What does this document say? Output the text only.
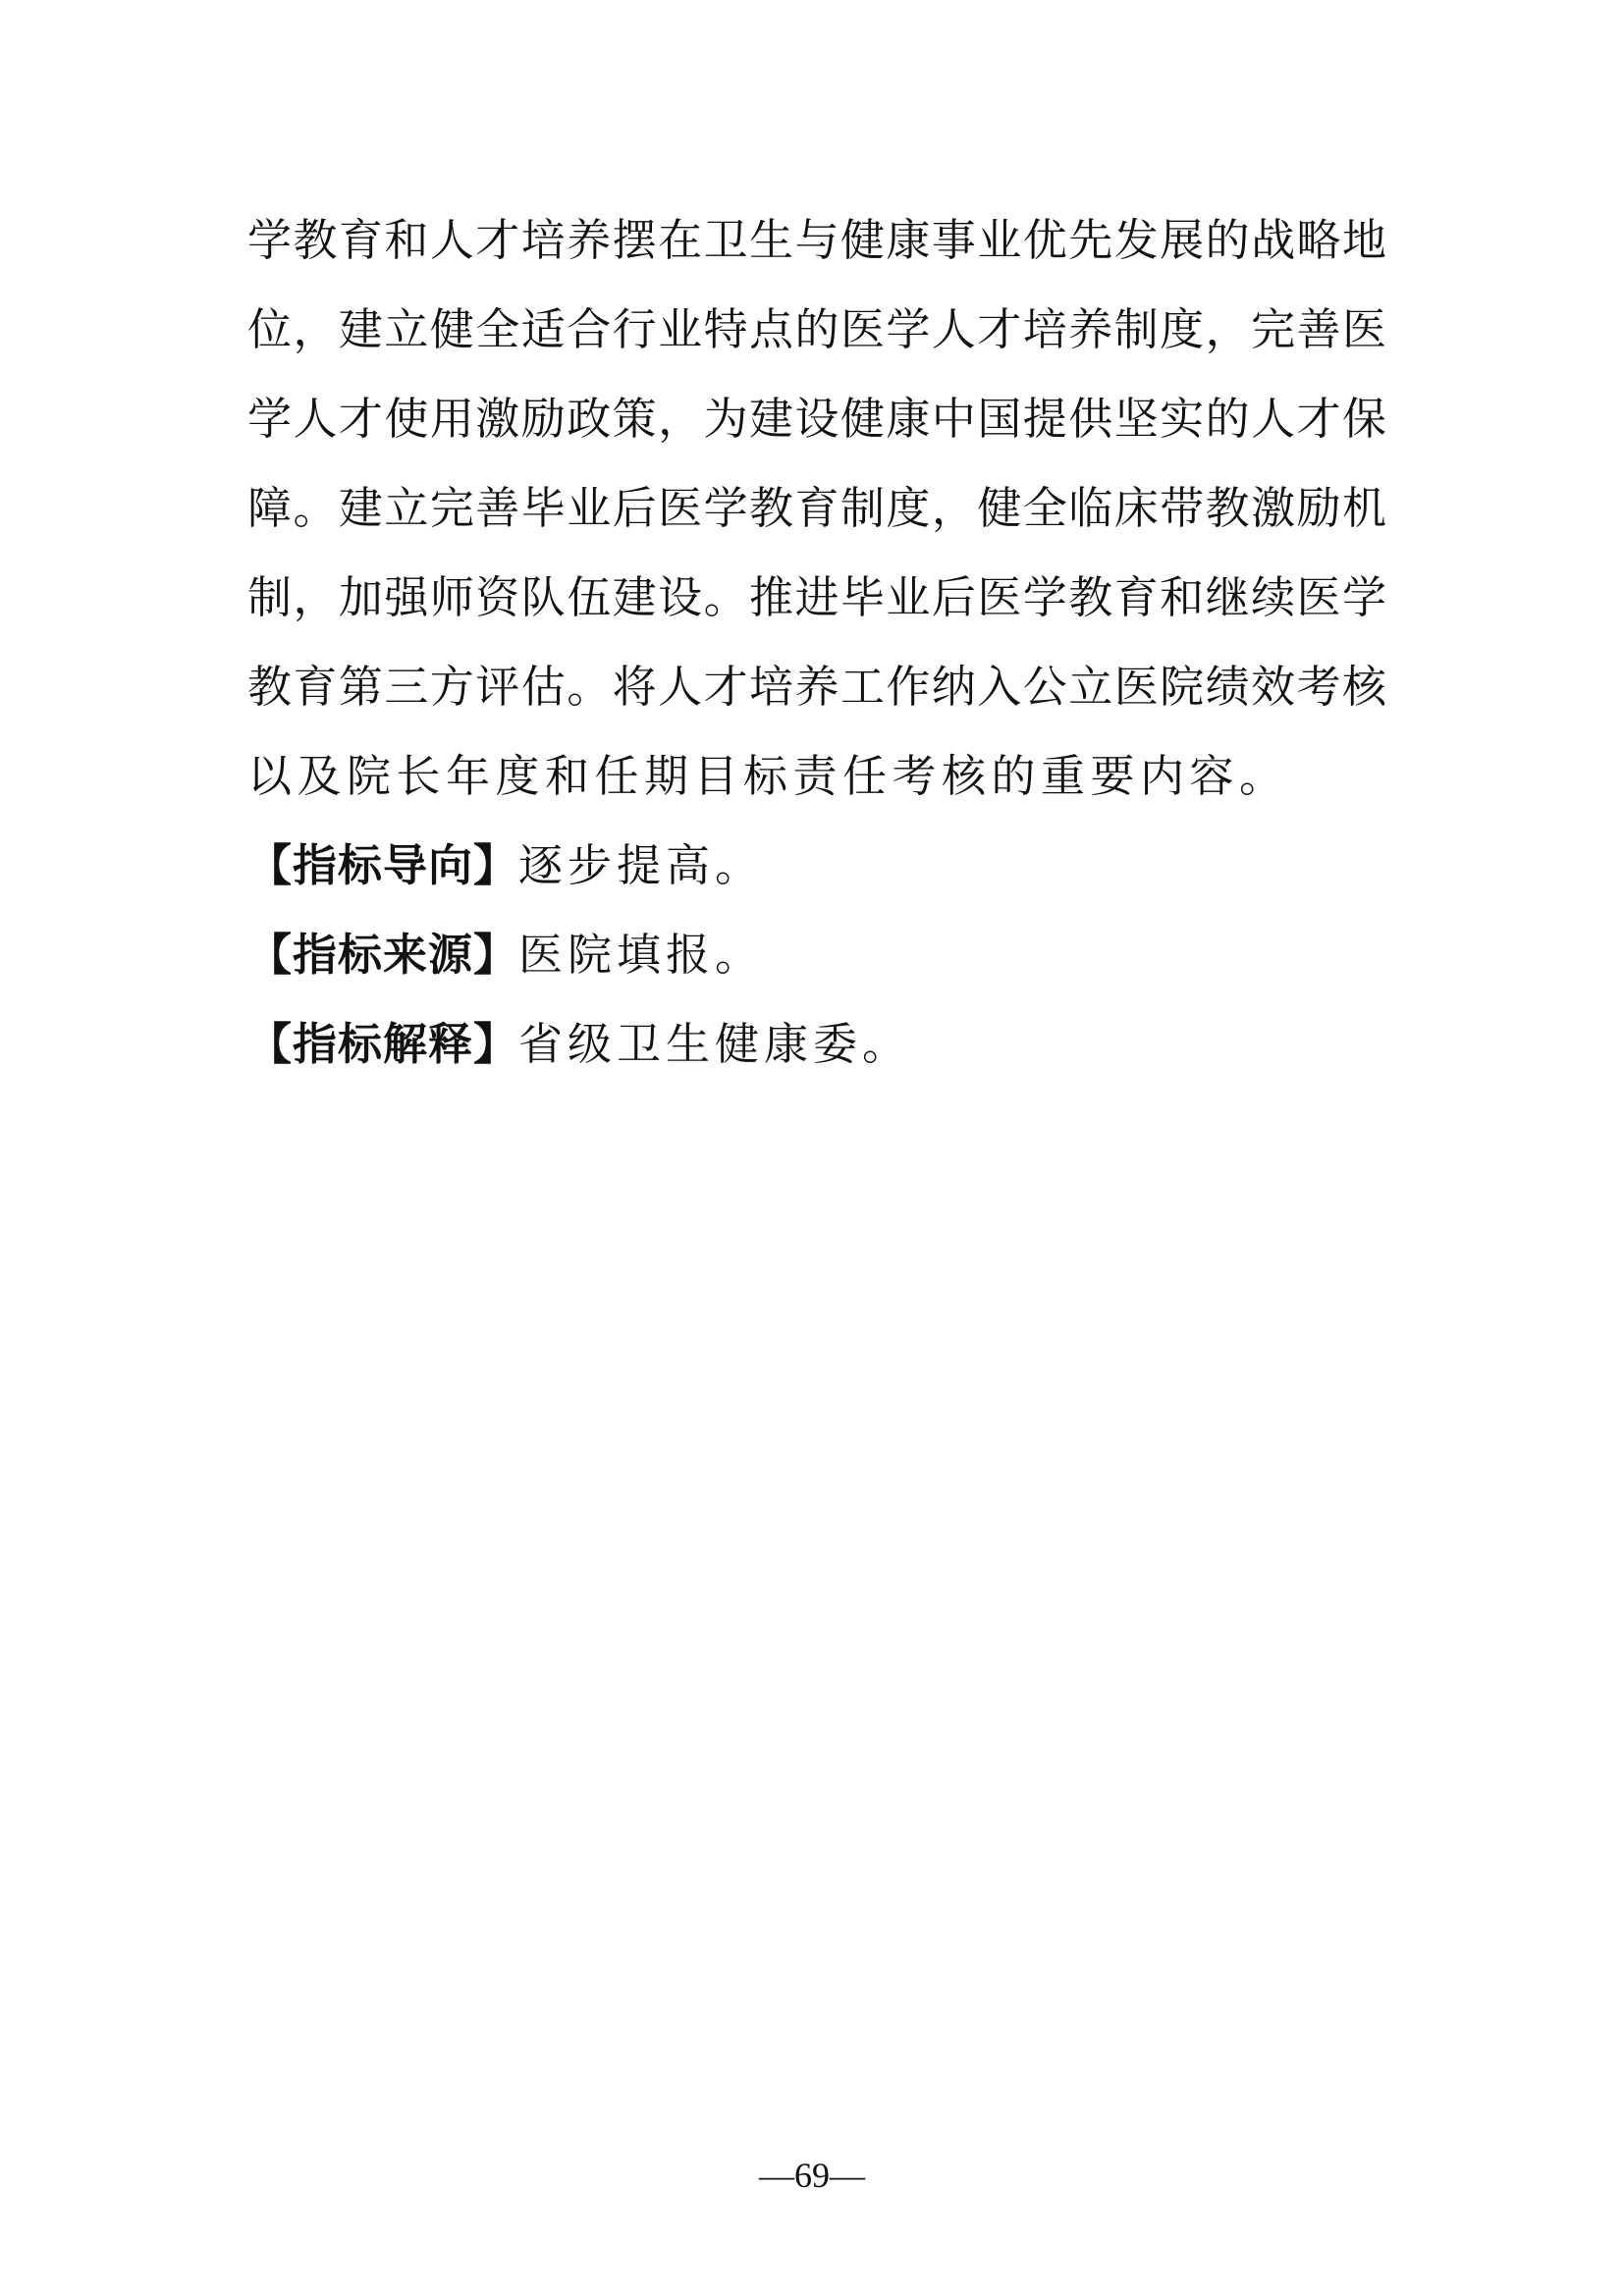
学教育和人才培养摆在卫生与健康事业优先发展的战略地
位，建立健全适合行业特点的医学人才培养制度，完善医
学人才使用激励政策，为建设健康中国提供坚实的人才保
障。建立完善毕业后医学教育制度，健全临床带教激励机
制，加强师资队伍建设。推进毕业后医学教育和继续医学
教育第三方评估。将人才培养工作纳入公立医院绩效考核
以及院长年度和任期目标责任考核的重要内容。
【指标导向】逐步提高。
【指标来源】医院填报。
【指标解释】省级卫生健康委。
—69—
